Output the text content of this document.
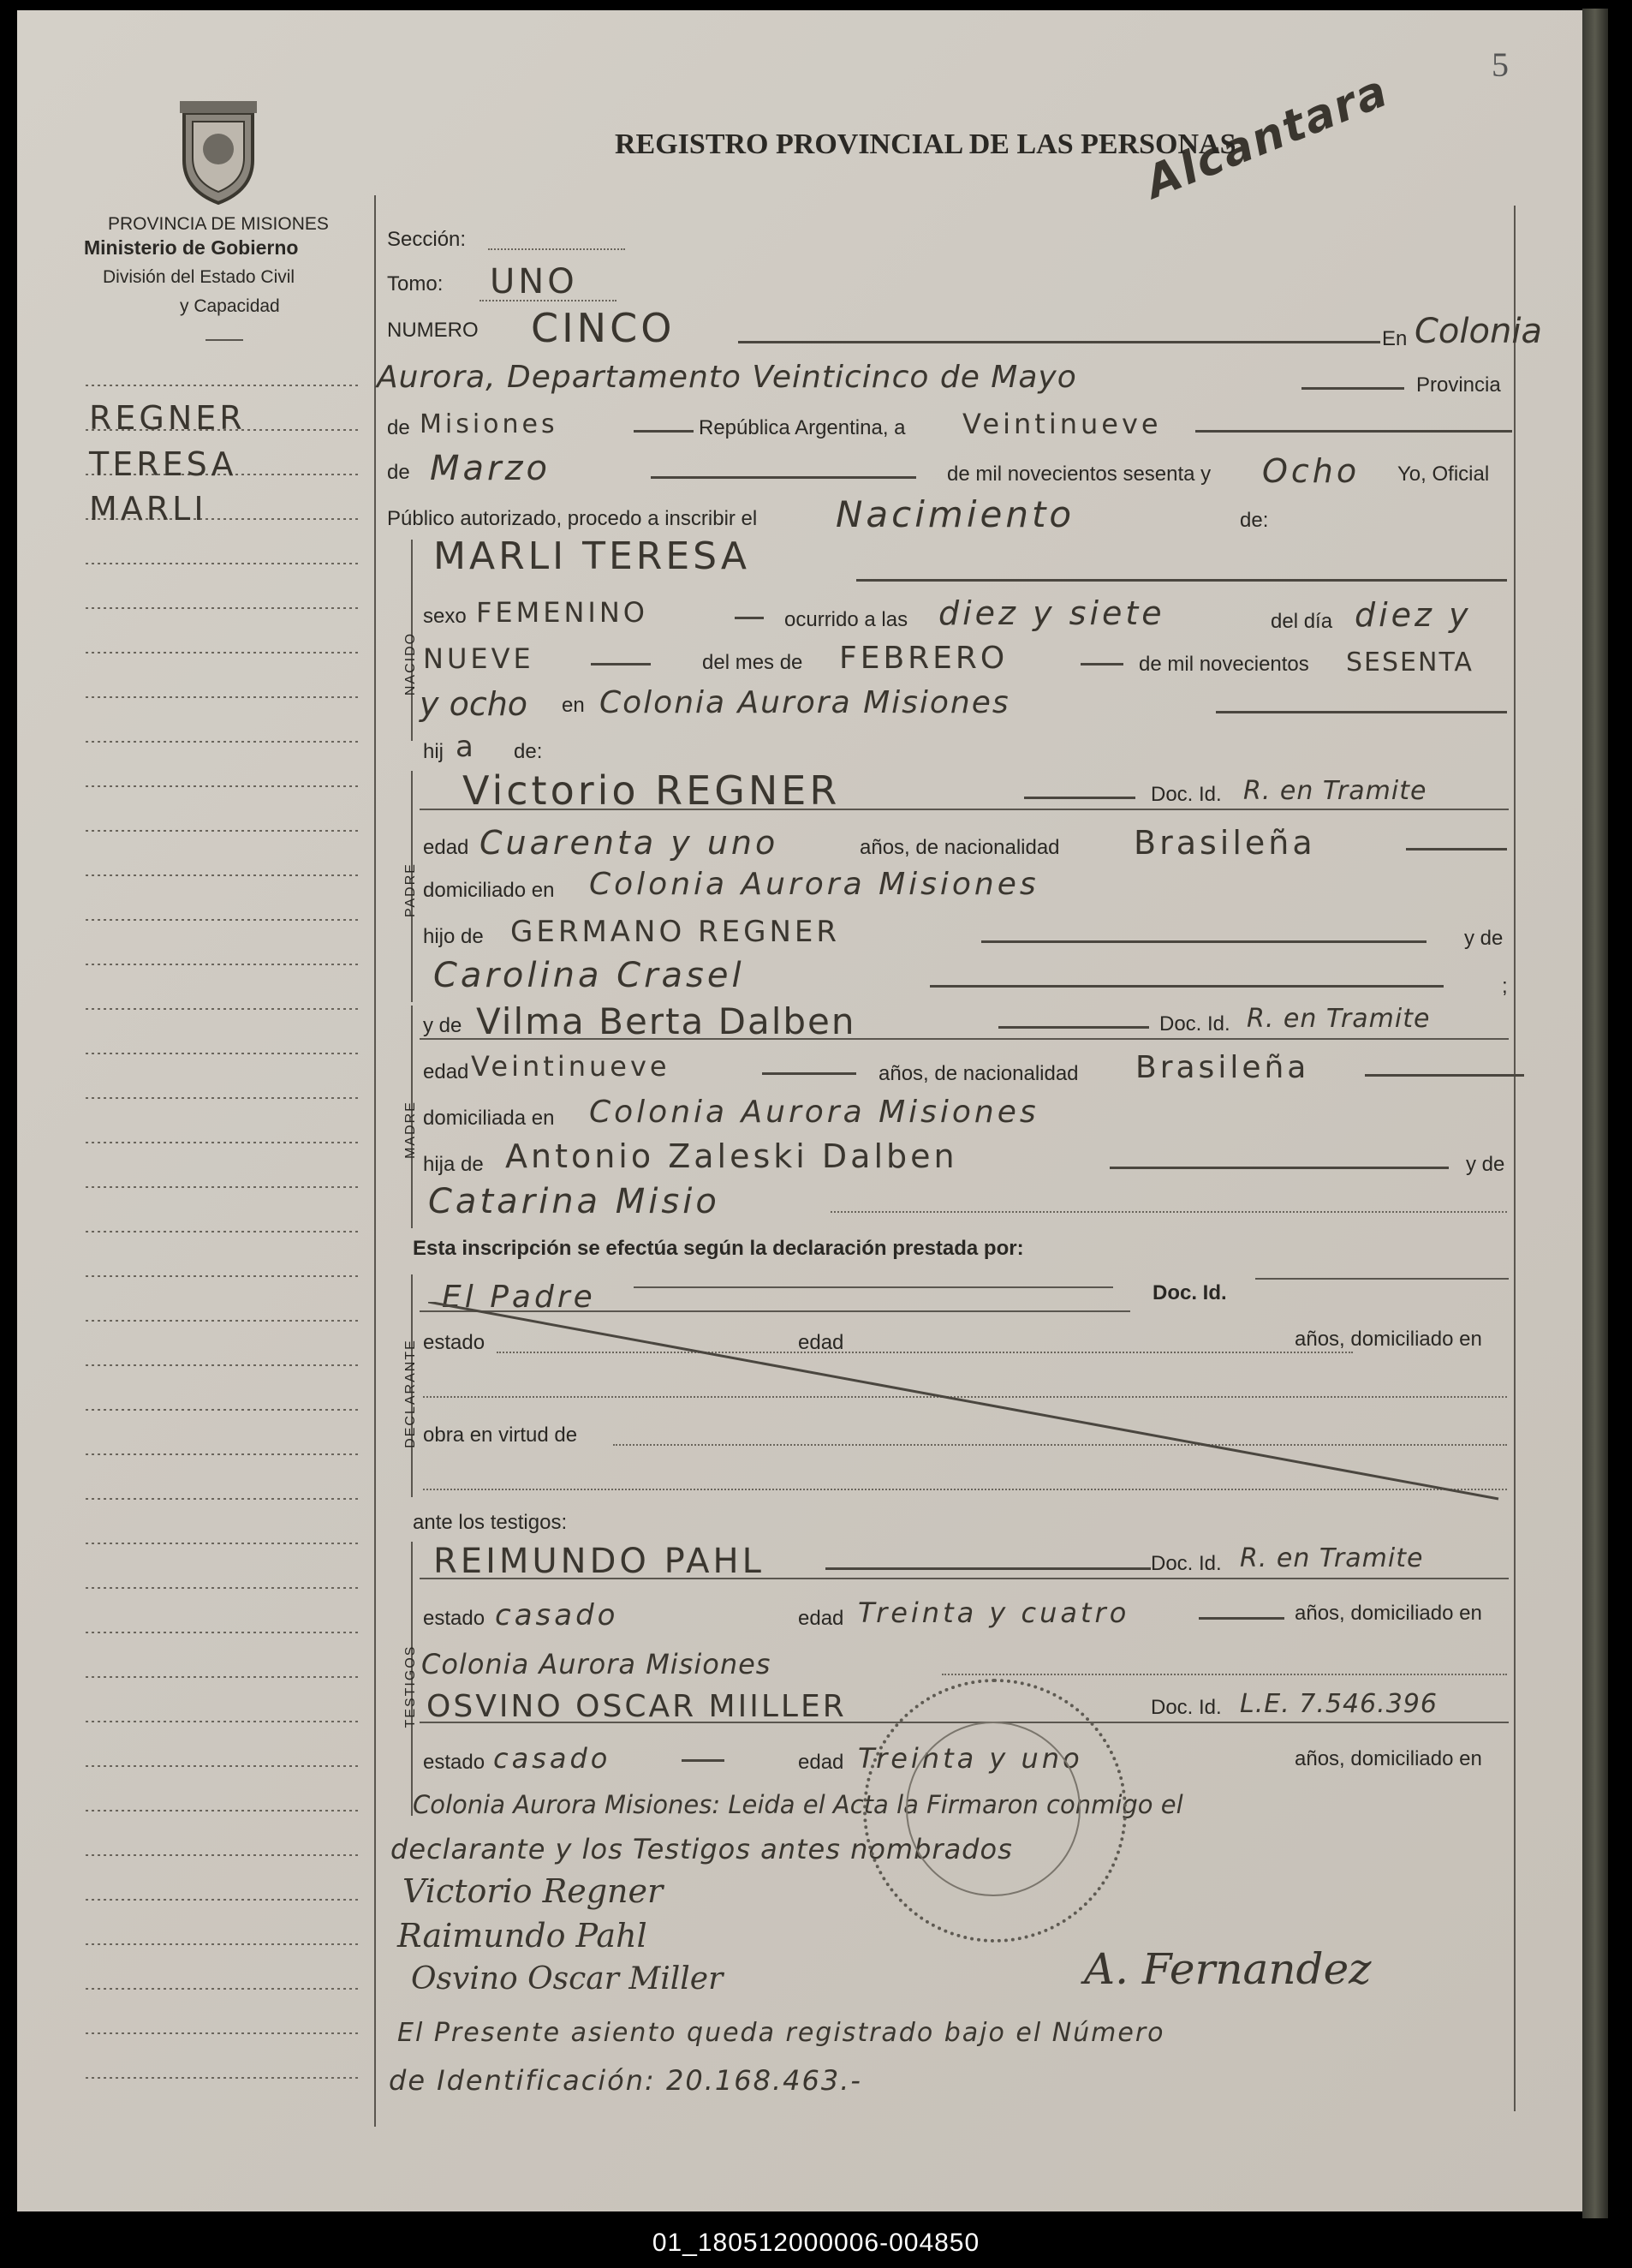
5
Alcantara
PROVINCIA DE MISIONES
Ministerio de Gobierno
División del Estado Civil
y Capacidad
REGISTRO PROVINCIAL DE LAS PERSONAS
REGNER
TERESA
MARLI
Sección:
Tomo: UNO
NUMERO CINCO	En Colonia
Aurora, Departamento Veinticinco de Mayo	Provincia
de Misiones	República Argentina, a Veintinueve
de Marzo	de mil novecientos sesenta y Ocho Yo, Oficial
Público autorizado, procedo a inscribir el Nacimiento	de:
NACIDO
MARLI TERESA
sexo FEMENINO	ocurrido a las diez y siete	del día diez y
NUEVE	del mes de FEBRERO	de mil novecientos SESENTA
y ocho en Colonia Aurora Misiones
hij a de:
PADRE
Victorio REGNER	Doc. Id. R. en Tramite
edad Cuarenta y uno	años, de nacionalidad Brasileña
domiciliado en Colonia Aurora Misiones
hijo de GERMANO REGNER	y de
Carolina Crasel	;
MADRE
y de Vilma Berta Dalben	Doc. Id. R. en Tramite
edad Veintinueve	años, de nacionalidad Brasileña
domiciliada en Colonia Aurora Misiones
hija de Antonio Zaleski Dalben	y de
Catarina Misio
Esta inscripción se efectúa según la declaración prestada por:
DECLARANTE
El Padre	Doc. Id.
estado	edad	años, domiciliado en
obra en virtud de
ante los testigos:
TESTIGOS
REIMUNDO PAHL	Doc. Id. R. en Tramite
estado casado	edad Treinta y cuatro	años, domiciliado en
Colonia Aurora Misiones
OSVINO OSCAR MIILLER	Doc. Id. L.E. 7.546.396
estado casado	edad Treinta y uno	años, domiciliado en
Colonia Aurora Misiones: Leida el Acta la Firmaron conmigo el
declarante y los Testigos antes nombrados
Victorio Regner
Raimundo Pahl
Osvino Oscar Miller	A. Fernandez
El Presente asiento queda registrado bajo el Número
de Identificación: 20.168.463.-
01_180512000006-004850
